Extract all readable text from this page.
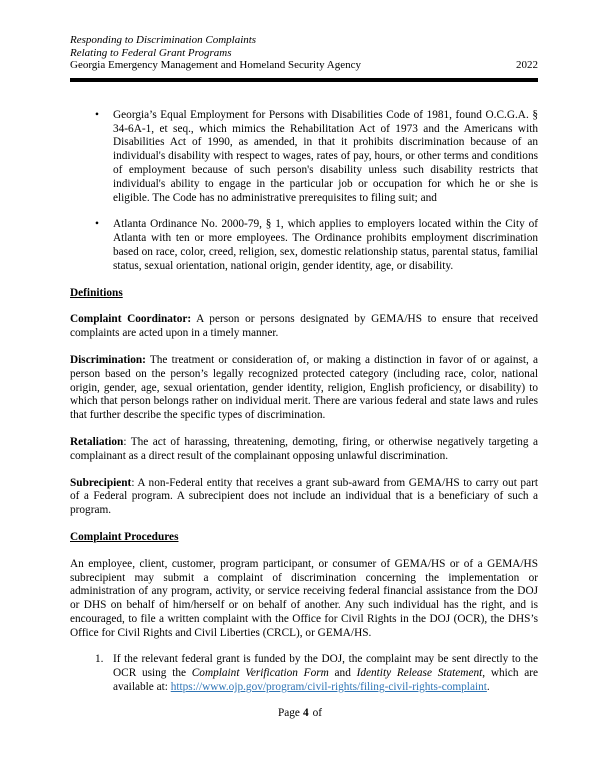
Responding to Discrimination Complaints
Relating to Federal Grant Programs
Georgia Emergency Management and Homeland Security Agency	2022
• Georgia’s Equal Employment for Persons with Disabilities Code of 1981, found O.C.G.A. § 34-6A-1, et seq., which mimics the Rehabilitation Act of 1973 and the Americans with Disabilities Act of 1990, as amended, in that it prohibits discrimination because of an individual's disability with respect to wages, rates of pay, hours, or other terms and conditions of employment because of such person's disability unless such disability restricts that individual's ability to engage in the particular job or occupation for which he or she is eligible. The Code has no administrative prerequisites to filing suit; and
• Atlanta Ordinance No. 2000-79, § 1, which applies to employers located within the City of Atlanta with ten or more employees. The Ordinance prohibits employment discrimination based on race, color, creed, religion, sex, domestic relationship status, parental status, familial status, sexual orientation, national origin, gender identity, age, or disability.
Definitions

Complaint Coordinator: A person or persons designated by GEMA/HS to ensure that received complaints are acted upon in a timely manner.

Discrimination: The treatment or consideration of, or making a distinction in favor of or against, a person based on the person’s legally recognized protected category (including race, color, national origin, gender, age, sexual orientation, gender identity, religion, English proficiency, or disability) to which that person belongs rather on individual merit. There are various federal and state laws and rules that further describe the specific types of discrimination.

Retaliation: The act of harassing, threatening, demoting, firing, or otherwise negatively targeting a complainant as a direct result of the complainant opposing unlawful discrimination.

Subrecipient: A non-Federal entity that receives a grant sub-award from GEMA/HS to carry out part of a Federal program. A subrecipient does not include an individual that is a beneficiary of such a program.

Complaint Procedures

An employee, client, customer, program participant, or consumer of GEMA/HS or of a GEMA/HS subrecipient may submit a complaint of discrimination concerning the implementation or administration of any program, activity, or service receiving federal financial assistance from the DOJ or DHS on behalf of him/herself or on behalf of another. Any such individual has the right, and is encouraged, to file a written complaint with the Office for Civil Rights in the DOJ (OCR), the DHS’s Office for Civil Rights and Civil Liberties (CRCL), or GEMA/HS.

1. If the relevant federal grant is funded by the DOJ, the complaint may be sent directly to the OCR using the Complaint Verification Form and Identity Release Statement, which are available at: https://www.ojp.gov/program/civil-rights/filing-civil-rights-complaint.
Page 4 of
